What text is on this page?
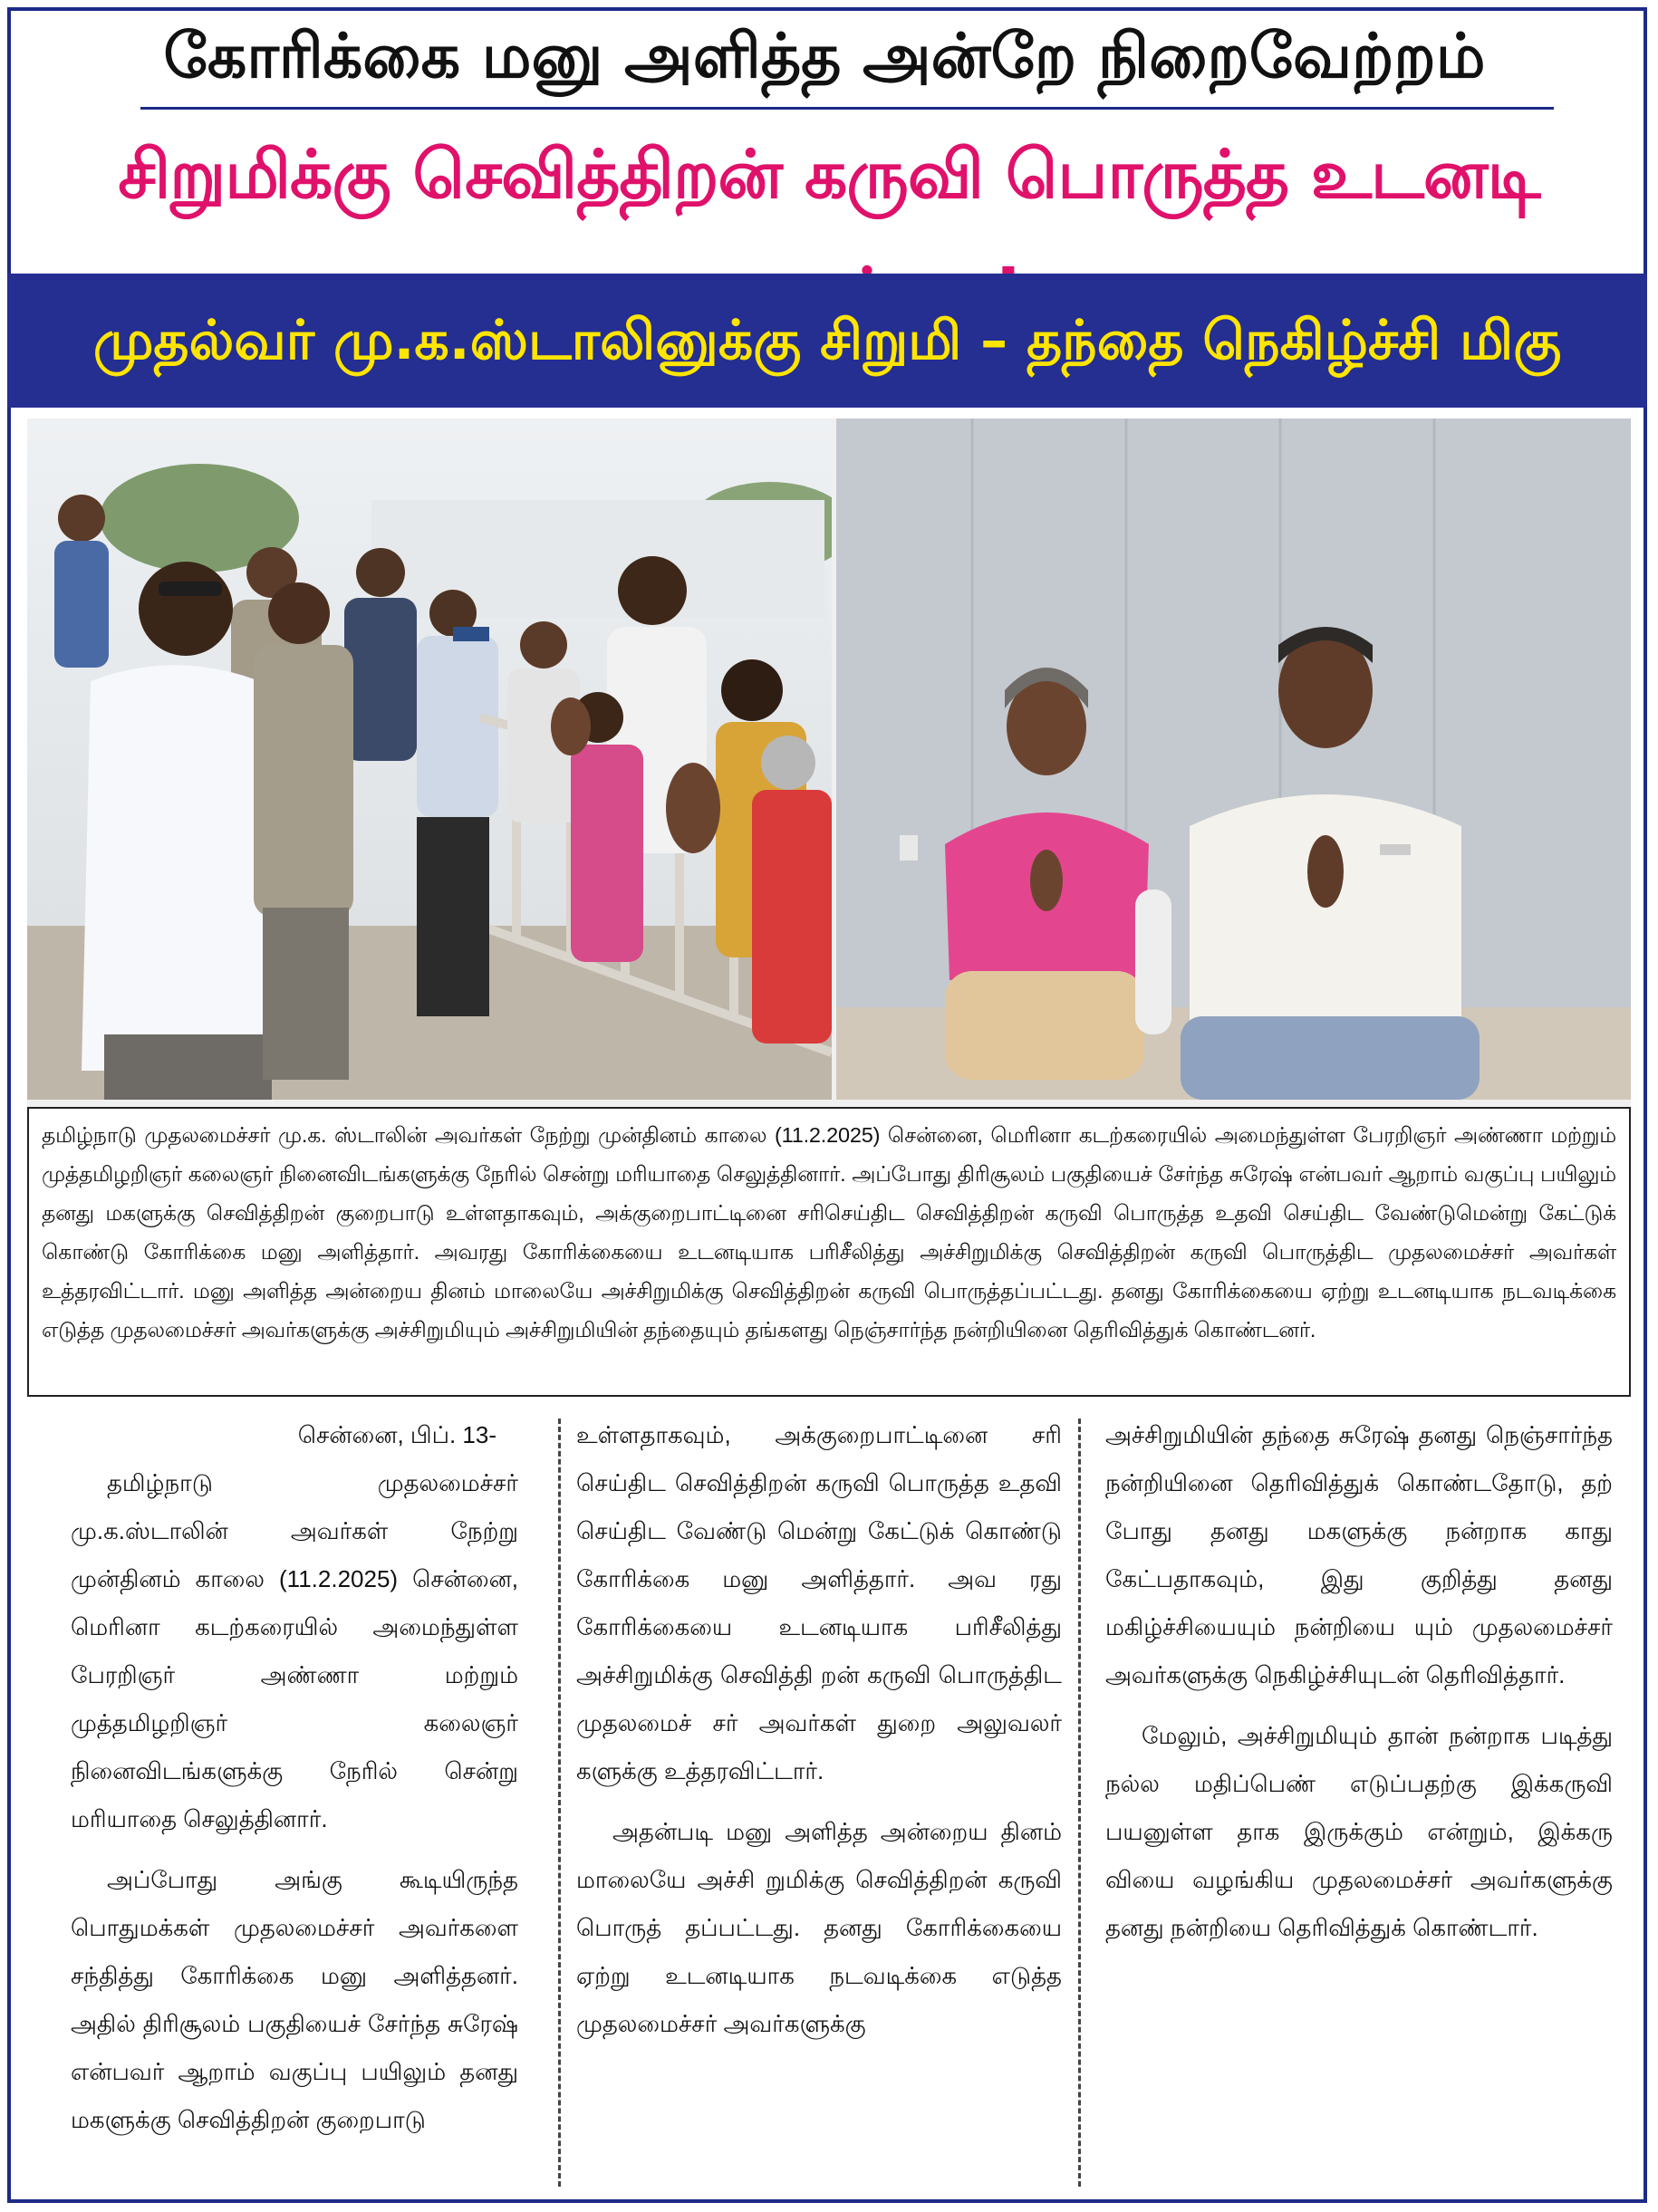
கோரிக்கை மனு அளித்த அன்றே நிறைவேற்றம்
சிறுமிக்கு செவித்திறன் கருவி பொருத்த உடனடி
முதல்வர் மு.க.ஸ்டாலினுக்கு சிறுமி – தந்தை நெகிழ்ச்சி மிகு
தமிழ்நாடு முதலமைச்சர் மு.க. ஸ்டாலின் அவர்கள் நேற்று முன்தினம் காலை (11.2.2025) சென்னை, மெரினா கடற்கரையில் அமைந்துள்ள பேரறிஞர் அண்ணா மற்றும் முத்தமிழறிஞர் கலைஞர் நினைவிடங்களுக்கு நேரில் சென்று மரியாதை செலுத்தினார். அப்போது திரிசூலம் பகுதியைச் சேர்ந்த சுரேஷ் என்பவர் ஆறாம் வகுப்பு பயிலும் தனது மகளுக்கு செவித்திறன் குறைபாடு உள்ளதாகவும், அக்குறைபாட்டினை சரிசெய்திட செவித்திறன் கருவி பொருத்த உதவி செய்திட வேண்டுமென்று கேட்டுக் கொண்டு கோரிக்கை மனு அளித்தார். அவரது கோரிக்கையை உடனடியாக பரிசீலித்து அச்சிறுமிக்கு செவித்திறன் கருவி பொருத்திட முதலமைச்சர் அவர்கள் உத்தரவிட்டார். மனு அளித்த அன்றைய தினம் மாலையே அச்சிறுமிக்கு செவித்திறன் கருவி பொருத்தப்பட்டது. தனது கோரிக்கையை ஏற்று உடனடியாக நடவடிக்கை எடுத்த முதலமைச்சர் அவர்களுக்கு அச்சிறுமியும் அச்சிறுமியின் தந்தையும் தங்களது நெஞ்சார்ந்த நன்றியினை தெரிவித்துக் கொண்டனர்.
சென்னை, பிப். 13-

தமிழ்நாடு முதலமைச்சர் மு.க.ஸ்டாலின் அவர்கள் நேற்று முன்தினம் காலை (11.2.2025) சென்னை, மெரினா கடற்கரையில் அமைந்துள்ள பேரறிஞர் அண்ணா மற்றும் முத்தமிழறிஞர் கலைஞர் நினைவிடங்களுக்கு நேரில் சென்று மரியாதை செலுத்தினார்.

அப்போது அங்கு கூடியிருந்த பொதுமக்கள் முதலமைச்சர் அவர்களை சந்தித்து கோரிக்கை மனு அளித்தனர். அதில் திரிசூலம் பகுதியைச் சேர்ந்த சுரேஷ் என்பவர் ஆறாம் வகுப்பு பயிலும் தனது மகளுக்கு செவித்திறன் குறைபாடு

உள்ளதாகவும், அக்குறைபாட்டினை சரி செய்திட செவித்திறன் கருவி பொருத்த உதவி செய்திட வேண்டு மென்று கேட்டுக் கொண்டு கோரிக்கை மனு அளித்தார். அவ ரது கோரிக்கையை உடனடியாக பரிசீலித்து அச்சிறுமிக்கு செவித்தி றன் கருவி பொருத்திட முதலமைச் சர் அவர்கள் துறை அலுவலர் களுக்கு உத்தரவிட்டார்.

அதன்படி மனு அளித்த அன்றைய தினம் மாலையே அச்சி றுமிக்கு செவித்திறன் கருவி பொருத் தப்பட்டது. தனது கோரிக்கையை ஏற்று உடனடியாக நடவடிக்கை எடுத்த முதலமைச்சர் அவர்களுக்கு

அச்சிறுமியின் தந்தை சுரேஷ் தனது நெஞ்சார்ந்த நன்றியினை தெரிவித்துக் கொண்டதோடு, தற் போது தனது மகளுக்கு நன்றாக காது கேட்பதாகவும், இது குறித்து தனது மகிழ்ச்சியையும் நன்றியை யும் முதலமைச்சர் அவர்களுக்கு நெகிழ்ச்சியுடன் தெரிவித்தார்.

மேலும், அச்சிறுமியும் தான் நன்றாக படித்து நல்ல மதிப்பெண் எடுப்பதற்கு இக்கருவி பயனுள்ள தாக இருக்கும் என்றும், இக்கரு வியை வழங்கிய முதலமைச்சர் அவர்களுக்கு தனது நன்றியை தெரிவித்துக் கொண்டார்.
